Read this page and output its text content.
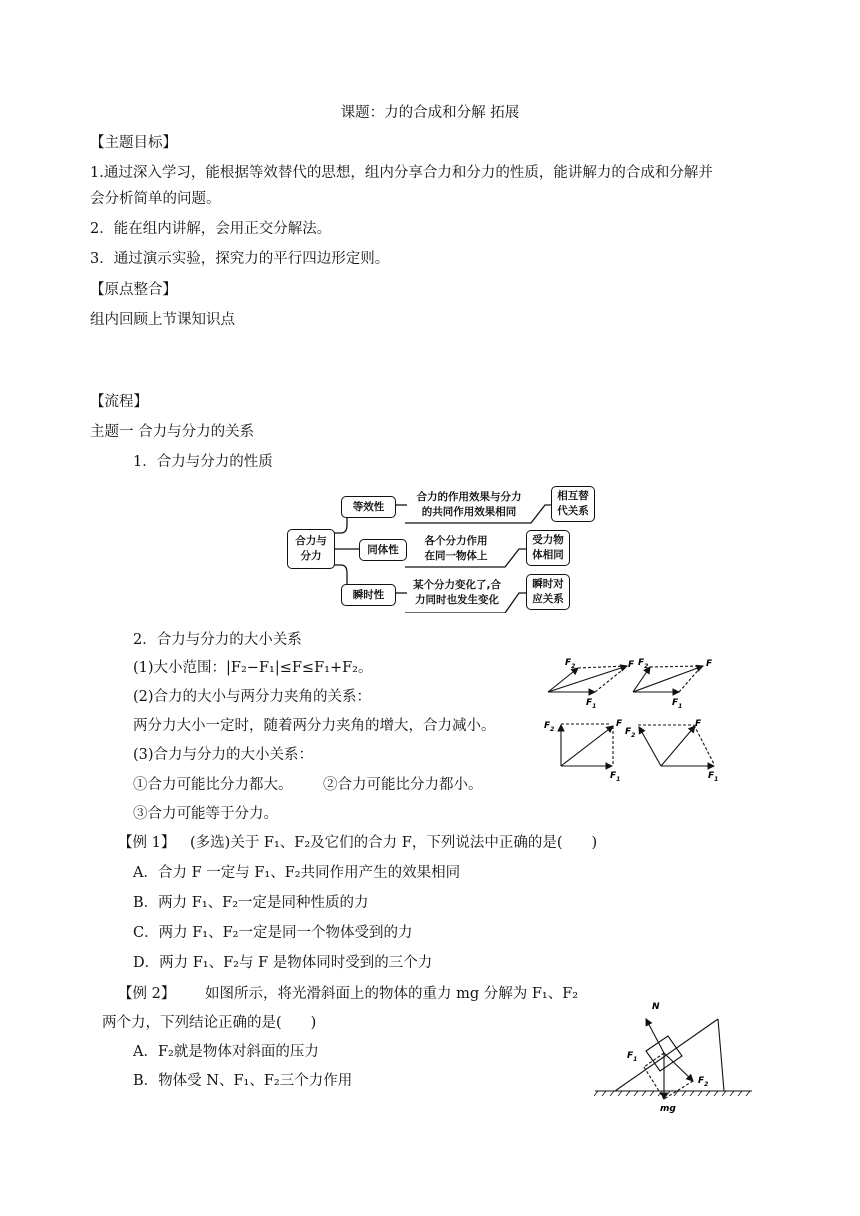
课题：力的合成和分解 拓展
【主题目标】
1.通过深入学习，能根据等效替代的思想，组内分享合力和分力的性质，能讲解力的合成和分解并
会分析简单的问题。
2．能在组内讲解，会用正交分解法。
3．通过演示实验，探究力的平行四边形定则。
【原点整合】
组内回顾上节课知识点
【流程】
主题一 合力与分力的关系
1．合力与分力的性质
合力与
分力
等效性
同体性
瞬时性
合力的作用效果与分力
的共同作用效果相同
各个分力作用
在同一物体上
某个分力变化了,合
力同时也发生变化
相互替
代关系
受力物
体相同
瞬时对
应关系
2．合力与分力的大小关系
(1)大小范围：|F₂−F₁|≤F≤F₁+F₂。
(2)合力的大小与两分力夹角的关系：
两分力大小一定时，随着两分力夹角的增大，合力减小。
(3)合力与分力的大小关系：
①合力可能比分力都大。 ②合力可能比分力都小。
③合力可能等于分力。
$F_2$	F
$F_1$
$F_2$	F
$F_1$
$F_2$
F
$F_1$
$F_2$
F
$F_1$
【例 1】 (多选)关于 F₁、F₂及它们的合力 F，下列说法中正确的是(　　)
A．合力 F 一定与 F₁、F₂共同作用产生的效果相同
B．两力 F₁、F₂一定是同种性质的力
C．两力 F₁、F₂一定是同一个物体受到的力
D．两力 F₁、F₂与 F 是物体同时受到的三个力
【例 2】 如图所示，将光滑斜面上的物体的重力 mg 分解为 F₁、F₂
两个力，下列结论正确的是(　　)
A．F₂就是物体对斜面的压力
B．物体受 N、F₁、F₂三个力作用
N
$F_1$
$F_2$
mg
